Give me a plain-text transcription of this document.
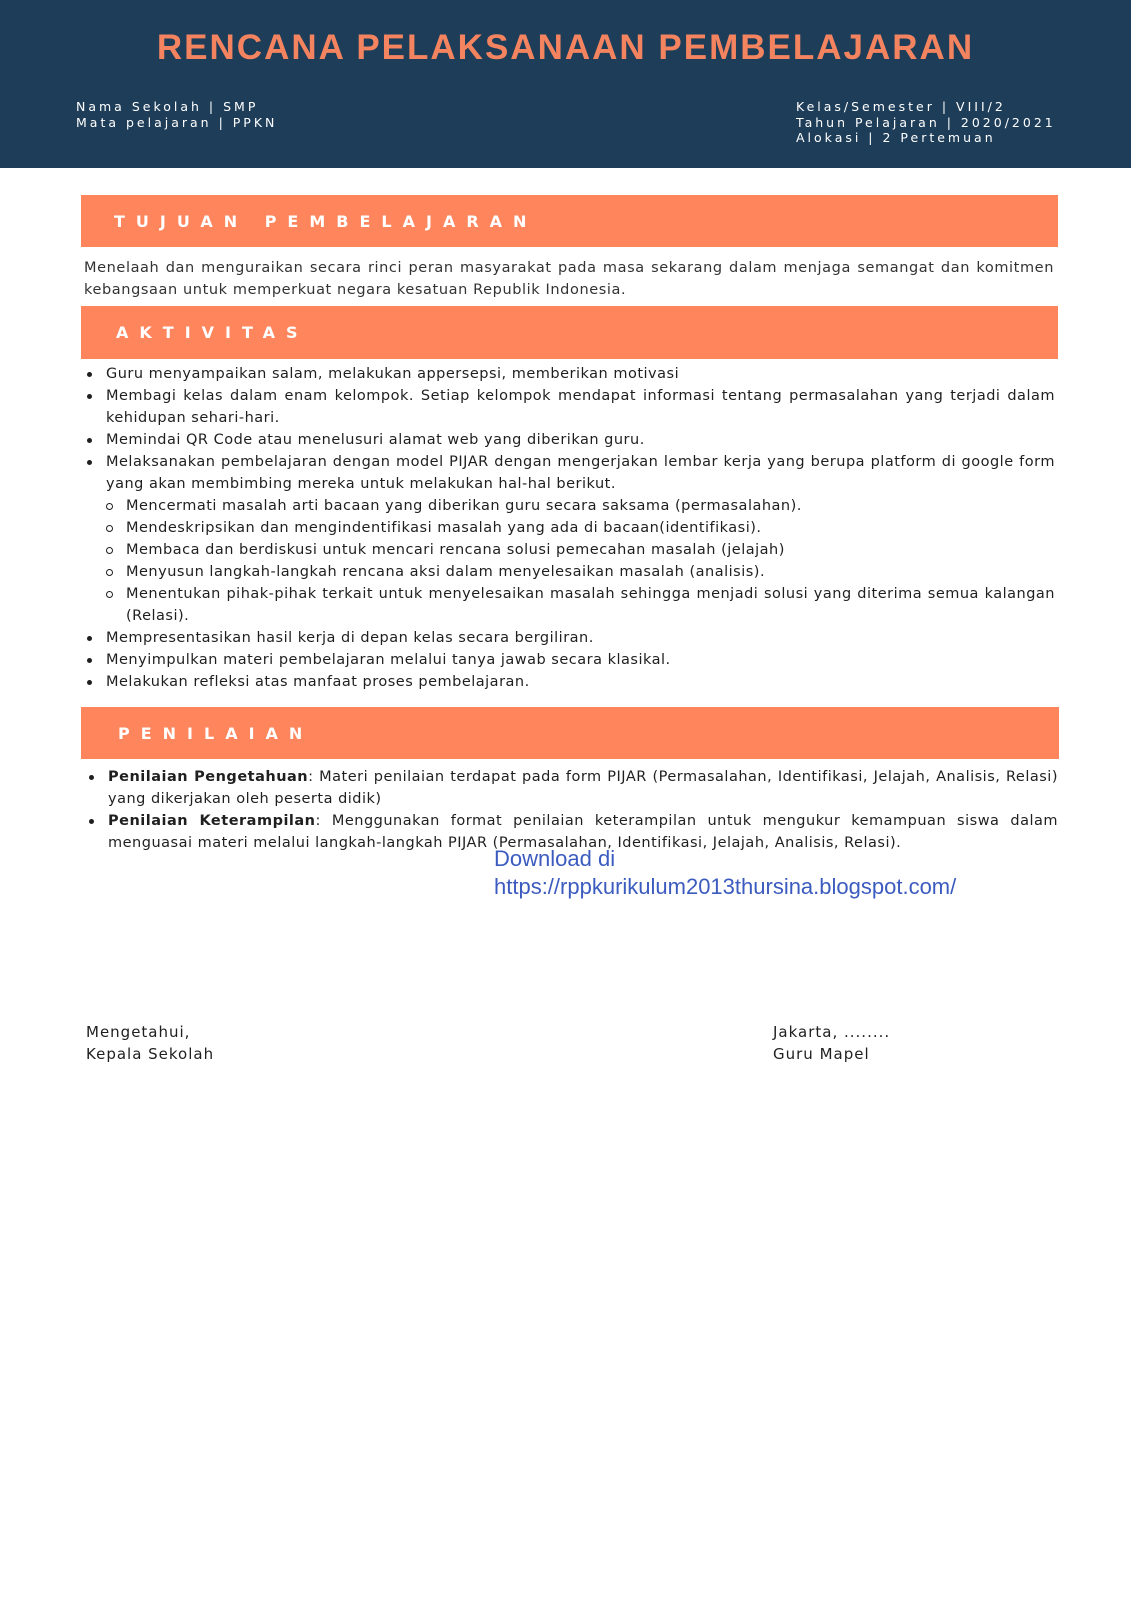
RENCANA PELAKSANAAN PEMBELAJARAN
Nama Sekolah | SMP
Mata pelajaran | PPKN
Kelas/Semester | VIII/2
Tahun Pelajaran | 2020/2021
Alokasi | 2 Pertemuan
TUJUAN PEMBELAJARAN
Menelaah dan menguraikan secara rinci peran masyarakat pada masa sekarang dalam menjaga semangat dan komitmen kebangsaan untuk memperkuat negara kesatuan Republik Indonesia.
AKTIVITAS
Guru menyampaikan salam, melakukan appersepsi, memberikan motivasi
Membagi kelas dalam enam kelompok. Setiap kelompok mendapat informasi tentang permasalahan yang terjadi dalam kehidupan sehari-hari.
Memindai QR Code atau menelusuri alamat web yang diberikan guru.
Melaksanakan pembelajaran dengan model PIJAR dengan mengerjakan lembar kerja yang berupa platform di google form yang akan membimbing mereka untuk melakukan hal-hal berikut.
Mencermati masalah arti bacaan yang diberikan guru secara saksama (permasalahan).
Mendeskripsikan dan mengindentifikasi masalah yang ada di bacaan(identifikasi).
Membaca dan berdiskusi untuk mencari rencana solusi pemecahan masalah (jelajah)
Menyusun langkah-langkah rencana aksi dalam menyelesaikan masalah (analisis).
Menentukan pihak-pihak terkait untuk menyelesaikan masalah sehingga menjadi solusi yang diterima semua kalangan (Relasi).
Mempresentasikan hasil kerja di depan kelas secara bergiliran.
Menyimpulkan materi pembelajaran melalui tanya jawab secara klasikal.
Melakukan refleksi atas manfaat proses pembelajaran.
PENILAIAN
Penilaian Pengetahuan: Materi penilaian terdapat pada form PIJAR (Permasalahan, Identifikasi, Jelajah, Analisis, Relasi) yang dikerjakan oleh peserta didik)
Penilaian Keterampilan: Menggunakan format penilaian keterampilan untuk mengukur kemampuan siswa dalam menguasai materi melalui langkah-langkah PIJAR (Permasalahan, Identifikasi, Jelajah, Analisis, Relasi).
Download di
https://rppkurikulum2013thursina.blogspot.com/
Mengetahui,
Kepala Sekolah
Jakarta, ........
Guru Mapel
